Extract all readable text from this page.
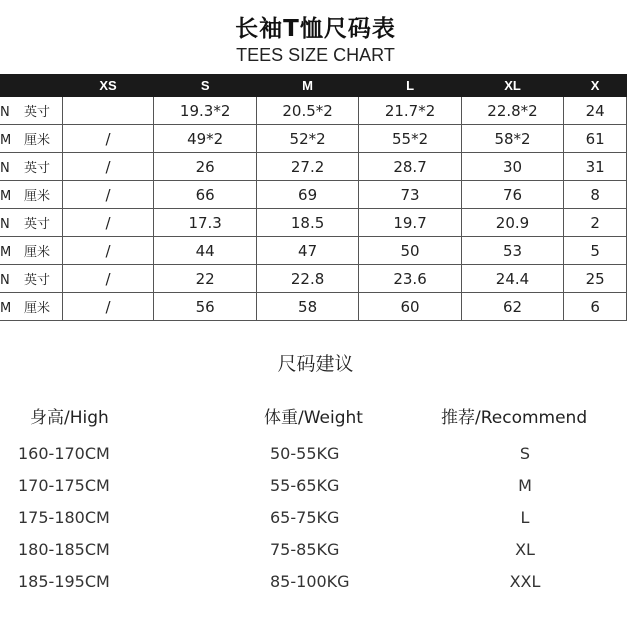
长袖T恤尺码表
TEES SIZE CHART
	XS	S	M	L	XL	X
N 英寸		19.3*2	20.5*2	21.7*2	22.8*2	24
M 厘米	/	49*2	52*2	55*2	58*2	61
N 英寸	/	26	27.2	28.7	30	31
M 厘米	/	66	69	73	76	8
N 英寸	/	17.3	18.5	19.7	20.9	2
M 厘米	/	44	47	50	53	5
N 英寸	/	22	22.8	23.6	24.4	25
M 厘米	/	56	58	60	62	6
尺码建议
身高/High	体重/Weight	推荐/Recommend
160-170CM	50-55KG	S
170-175CM	55-65KG	M
175-180CM	65-75KG	L
180-185CM	75-85KG	XL
185-195CM	85-100KG	XXL
